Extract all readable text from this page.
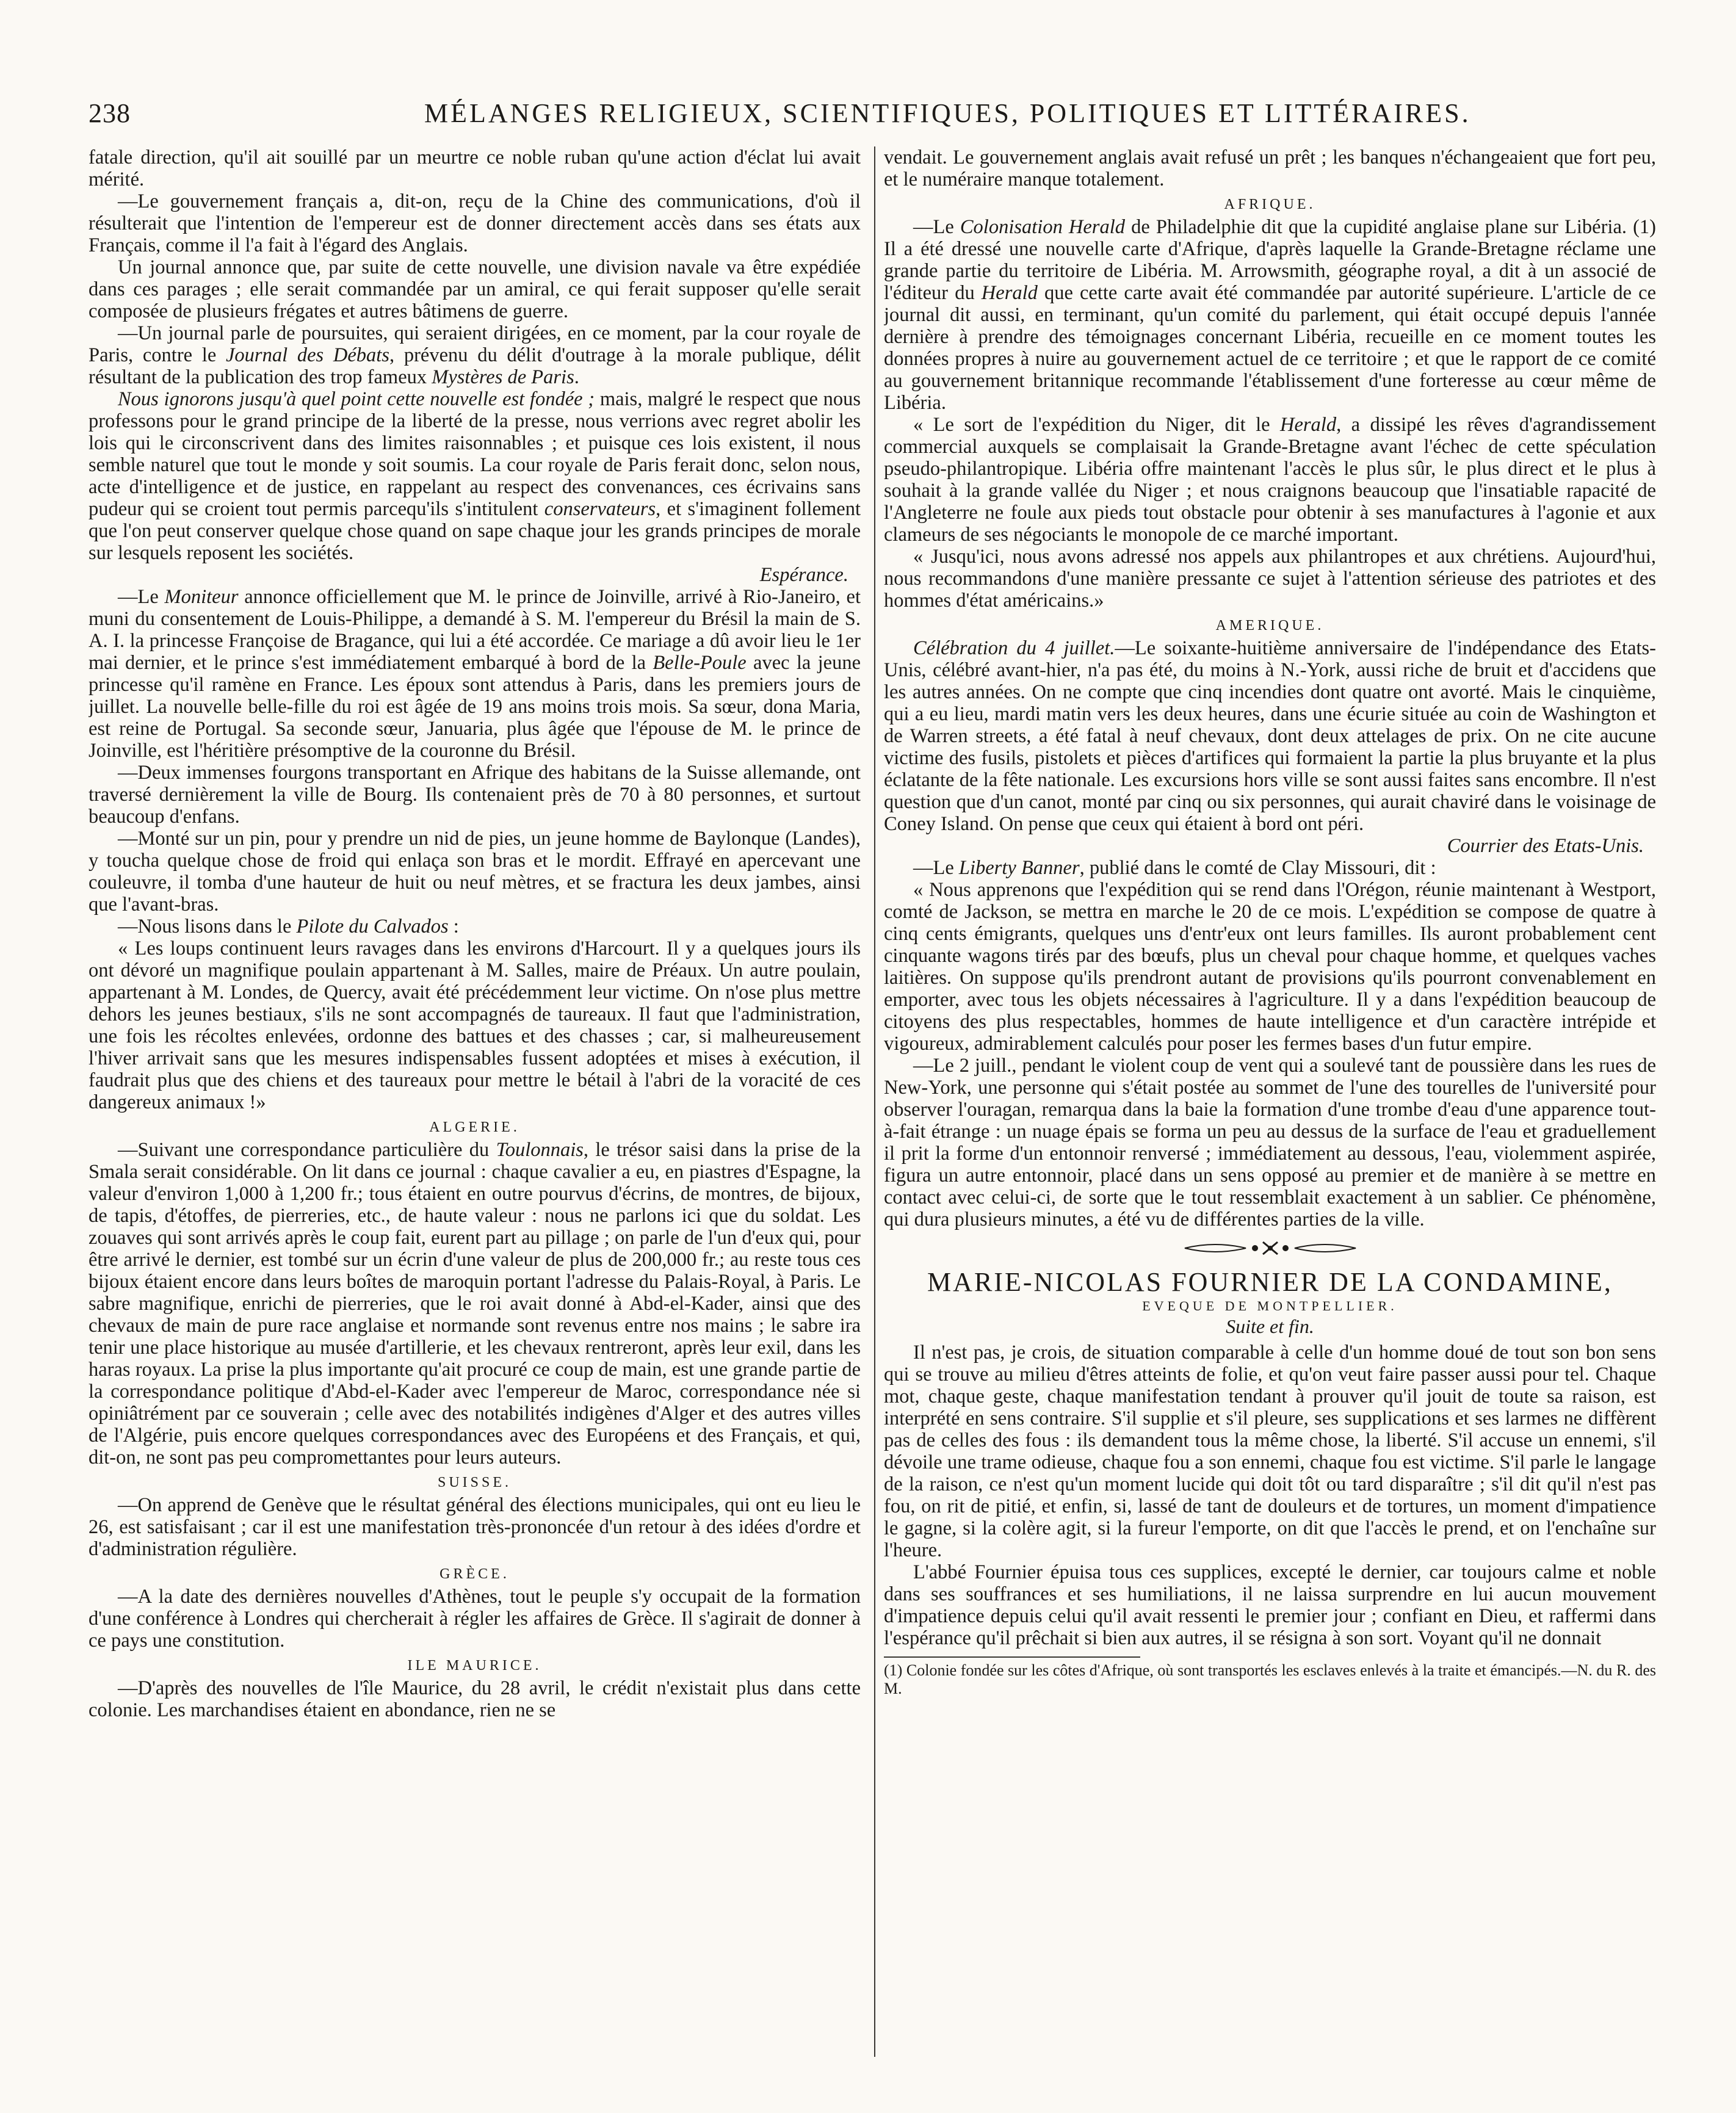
238	MÉLANGES RELIGIEUX, SCIENTIFIQUES, POLITIQUES ET LITTÉRAIRES.

fatale direction, qu'il ait souillé par un meurtre ce noble ruban qu'une action d'éclat lui avait mérité.

—Le gouvernement français a, dit-on, reçu de la Chine des communications, d'où il résulterait que l'intention de l'empereur est de donner directement accès dans ses états aux Français, comme il l'a fait à l'égard des Anglais.

Un journal annonce que, par suite de cette nouvelle, une division navale va être expédiée dans ces parages ; elle serait commandée par un amiral, ce qui ferait supposer qu'elle serait composée de plusieurs frégates et autres bâtimens de guerre.

—Un journal parle de poursuites, qui seraient dirigées, en ce moment, par la cour royale de Paris, contre le Journal des Débats, prévenu du délit d'outrage à la morale publique, délit résultant de la publication des trop fameux Mystères de Paris.

Nous ignorons jusqu'à quel point cette nouvelle est fondée ; mais, malgré le respect que nous professons pour le grand principe de la liberté de la presse, nous verrions avec regret abolir les lois qui le circonscrivent dans des limites raisonnables ; et puisque ces lois existent, il nous semble naturel que tout le monde y soit soumis. La cour royale de Paris ferait donc, selon nous, acte d'intelligence et de justice, en rappelant au respect des convenances, ces écrivains sans pudeur qui se croient tout permis parcequ'ils s'intitulent conservateurs, et s'imaginent follement que l'on peut conserver quelque chose quand on sape chaque jour les grands principes de morale sur lesquels reposent les sociétés.
Espérance.

—Le Moniteur annonce officiellement que M. le prince de Joinville, arrivé à Rio-Janeiro, et muni du consentement de Louis-Philippe, a demandé à S. M. l'empereur du Brésil la main de S. A. I. la princesse Françoise de Bragance, qui lui a été accordée. Ce mariage a dû avoir lieu le 1er mai dernier, et le prince s'est immédiatement embarqué à bord de la Belle-Poule avec la jeune princesse qu'il ramène en France. Les époux sont attendus à Paris, dans les premiers jours de juillet. La nouvelle belle-fille du roi est âgée de 19 ans moins trois mois. Sa sœur, dona Maria, est reine de Portugal. Sa seconde sœur, Januaria, plus âgée que l'épouse de M. le prince de Joinville, est l'héritière présomptive de la couronne du Brésil.

—Deux immenses fourgons transportant en Afrique des habitans de la Suisse allemande, ont traversé dernièrement la ville de Bourg. Ils contenaient près de 70 à 80 personnes, et surtout beaucoup d'enfans.

—Monté sur un pin, pour y prendre un nid de pies, un jeune homme de Baylonque (Landes), y toucha quelque chose de froid qui enlaça son bras et le mordit. Effrayé en apercevant une couleuvre, il tomba d'une hauteur de huit ou neuf mètres, et se fractura les deux jambes, ainsi que l'avant-bras.

—Nous lisons dans le Pilote du Calvados :

« Les loups continuent leurs ravages dans les environs d'Harcourt. Il y a quelques jours ils ont dévoré un magnifique poulain appartenant à M. Salles, maire de Préaux. Un autre poulain, appartenant à M. Londes, de Quercy, avait été précédemment leur victime. On n'ose plus mettre dehors les jeunes bestiaux, s'ils ne sont accompagnés de taureaux. Il faut que l'administration, une fois les récoltes enlevées, ordonne des battues et des chasses ; car, si malheureusement l'hiver arrivait sans que les mesures indispensables fussent adoptées et mises à exécution, il faudrait plus que des chiens et des taureaux pour mettre le bétail à l'abri de la voracité de ces dangereux animaux !»

ALGERIE.

—Suivant une correspondance particulière du Toulonnais, le trésor saisi dans la prise de la Smala serait considérable. On lit dans ce journal : chaque cavalier a eu, en piastres d'Espagne, la valeur d'environ 1,000 à 1,200 fr.; tous étaient en outre pourvus d'écrins, de montres, de bijoux, de tapis, d'étoffes, de pierreries, etc., de haute valeur : nous ne parlons ici que du soldat. Les zouaves qui sont arrivés après le coup fait, eurent part au pillage ; on parle de l'un d'eux qui, pour être arrivé le dernier, est tombé sur un écrin d'une valeur de plus de 200,000 fr.; au reste tous ces bijoux étaient encore dans leurs boîtes de maroquin portant l'adresse du Palais-Royal, à Paris. Le sabre magnifique, enrichi de pierreries, que le roi avait donné à Abd-el-Kader, ainsi que des chevaux de main de pure race anglaise et normande sont revenus entre nos mains ; le sabre ira tenir une place historique au musée d'artillerie, et les chevaux rentreront, après leur exil, dans les haras royaux. La prise la plus importante qu'ait procuré ce coup de main, est une grande partie de la correspondance politique d'Abd-el-Kader avec l'empereur de Maroc, correspondance née si opiniâtrément par ce souverain ; celle avec des notabilités indigènes d'Alger et des autres villes de l'Algérie, puis encore quelques correspondances avec des Européens et des Français, et qui, dit-on, ne sont pas peu compromettantes pour leurs auteurs.

SUISSE.

—On apprend de Genève que le résultat général des élections municipales, qui ont eu lieu le 26, est satisfaisant ; car il est une manifestation très-prononcée d'un retour à des idées d'ordre et d'administration régulière.

GRÈCE.

—A la date des dernières nouvelles d'Athènes, tout le peuple s'y occupait de la formation d'une conférence à Londres qui chercherait à régler les affaires de Grèce. Il s'agirait de donner à ce pays une constitution.

ILE MAURICE.

—D'après des nouvelles de l'île Maurice, du 28 avril, le crédit n'existait plus dans cette colonie. Les marchandises étaient en abondance, rien ne se

vendait. Le gouvernement anglais avait refusé un prêt ; les banques n'échangeaient que fort peu, et le numéraire manque totalement.

AFRIQUE.

—Le Colonisation Herald de Philadelphie dit que la cupidité anglaise plane sur Libéria. (1) Il a été dressé une nouvelle carte d'Afrique, d'après laquelle la Grande-Bretagne réclame une grande partie du territoire de Libéria. M. Arrowsmith, géographe royal, a dit à un associé de l'éditeur du Herald que cette carte avait été commandée par autorité supérieure. L'article de ce journal dit aussi, en terminant, qu'un comité du parlement, qui était occupé depuis l'année dernière à prendre des témoignages concernant Libéria, recueille en ce moment toutes les données propres à nuire au gouvernement actuel de ce territoire ; et que le rapport de ce comité au gouvernement britannique recommande l'établissement d'une forteresse au cœur même de Libéria.

« Le sort de l'expédition du Niger, dit le Herald, a dissipé les rêves d'agrandissement commercial auxquels se complaisait la Grande-Bretagne avant l'échec de cette spéculation pseudo-philantropique. Libéria offre maintenant l'accès le plus sûr, le plus direct et le plus à souhait à la grande vallée du Niger ; et nous craignons beaucoup que l'insatiable rapacité de l'Angleterre ne foule aux pieds tout obstacle pour obtenir à ses manufactures à l'agonie et aux clameurs de ses négociants le monopole de ce marché important.

« Jusqu'ici, nous avons adressé nos appels aux philantropes et aux chrétiens. Aujourd'hui, nous recommandons d'une manière pressante ce sujet à l'attention sérieuse des patriotes et des hommes d'état américains.»

AMERIQUE.

Célébration du 4 juillet.—Le soixante-huitième anniversaire de l'indépendance des Etats-Unis, célébré avant-hier, n'a pas été, du moins à N.-York, aussi riche de bruit et d'accidens que les autres années. On ne compte que cinq incendies dont quatre ont avorté. Mais le cinquième, qui a eu lieu, mardi matin vers les deux heures, dans une écurie située au coin de Washington et de Warren streets, a été fatal à neuf chevaux, dont deux attelages de prix. On ne cite aucune victime des fusils, pistolets et pièces d'artifices qui formaient la partie la plus bruyante et la plus éclatante de la fête nationale. Les excursions hors ville se sont aussi faites sans encombre. Il n'est question que d'un canot, monté par cinq ou six personnes, qui aurait chaviré dans le voisinage de Coney Island. On pense que ceux qui étaient à bord ont péri.
Courrier des Etats-Unis.

—Le Liberty Banner, publié dans le comté de Clay Missouri, dit :

« Nous apprenons que l'expédition qui se rend dans l'Orégon, réunie maintenant à Westport, comté de Jackson, se mettra en marche le 20 de ce mois. L'expédition se compose de quatre à cinq cents émigrants, quelques uns d'entr'eux ont leurs familles. Ils auront probablement cent cinquante wagons tirés par des bœufs, plus un cheval pour chaque homme, et quelques vaches laitières. On suppose qu'ils prendront autant de provisions qu'ils pourront convenablement en emporter, avec tous les objets nécessaires à l'agriculture. Il y a dans l'expédition beaucoup de citoyens des plus respectables, hommes de haute intelligence et d'un caractère intrépide et vigoureux, admirablement calculés pour poser les fermes bases d'un futur empire.

—Le 2 juill., pendant le violent coup de vent qui a soulevé tant de poussière dans les rues de New-York, une personne qui s'était postée au sommet de l'une des tourelles de l'université pour observer l'ouragan, remarqua dans la baie la formation d'une trombe d'eau d'une apparence tout-à-fait étrange : un nuage épais se forma un peu au dessus de la surface de l'eau et graduellement il prit la forme d'un entonnoir renversé ; immédiatement au dessous, l'eau, violemment aspirée, figura un autre entonnoir, placé dans un sens opposé au premier et de manière à se mettre en contact avec celui-ci, de sorte que le tout ressemblait exactement à un sablier. Ce phénomène, qui dura plusieurs minutes, a été vu de différentes parties de la ville.

MARIE-NICOLAS FOURNIER DE LA CONDAMINE,
EVEQUE DE MONTPELLIER.
Suite et fin.

Il n'est pas, je crois, de situation comparable à celle d'un homme doué de tout son bon sens qui se trouve au milieu d'êtres atteints de folie, et qu'on veut faire passer aussi pour tel. Chaque mot, chaque geste, chaque manifestation tendant à prouver qu'il jouit de toute sa raison, est interprété en sens contraire. S'il supplie et s'il pleure, ses supplications et ses larmes ne diffèrent pas de celles des fous : ils demandent tous la même chose, la liberté. S'il accuse un ennemi, s'il dévoile une trame odieuse, chaque fou a son ennemi, chaque fou est victime. S'il parle le langage de la raison, ce n'est qu'un moment lucide qui doit tôt ou tard disparaître ; s'il dit qu'il n'est pas fou, on rit de pitié, et enfin, si, lassé de tant de douleurs et de tortures, un moment d'impatience le gagne, si la colère agit, si la fureur l'emporte, on dit que l'accès le prend, et on l'enchaîne sur l'heure.

L'abbé Fournier épuisa tous ces supplices, excepté le dernier, car toujours calme et noble dans ses souffrances et ses humiliations, il ne laissa surprendre en lui aucun mouvement d'impatience depuis celui qu'il avait ressenti le premier jour ; confiant en Dieu, et raffermi dans l'espérance qu'il prêchait si bien aux autres, il se résigna à son sort. Voyant qu'il ne donnait

(1) Colonie fondée sur les côtes d'Afrique, où sont transportés les esclaves enlevés à la traite et émancipés.—N. du R. des M.
